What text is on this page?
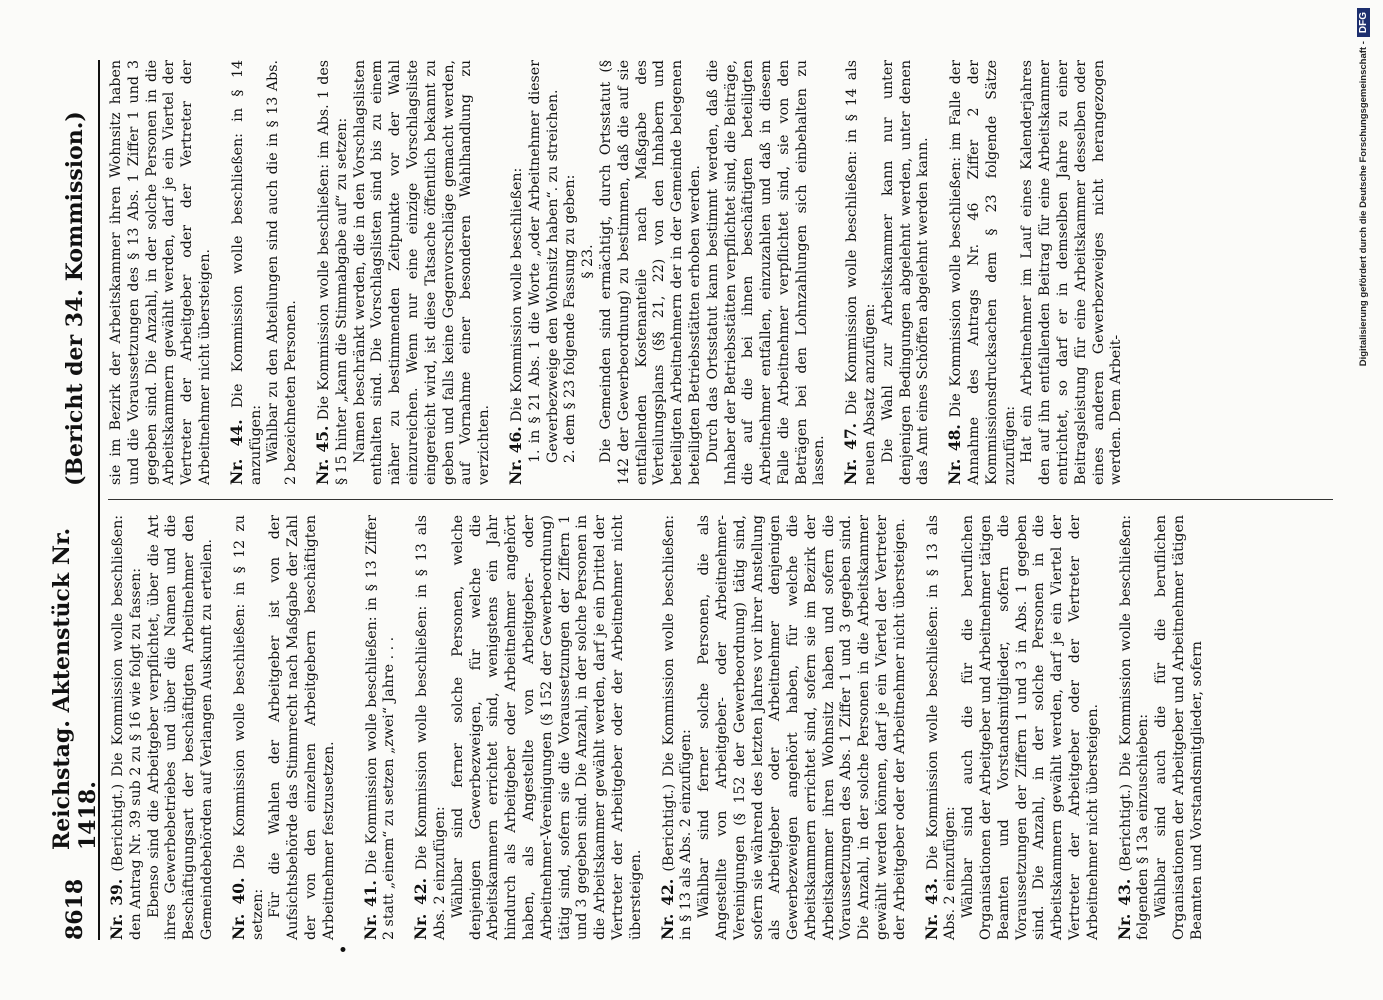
8618
Reichstag. Aktenstück Nr. 1418.
(Bericht der 34. Kommission.)
Nr. 39. (Berichtigt.) Die Kommission wolle beschließen: den Antrag Nr. 39 sub 2 zu § 16 wie folgt zu fassen: Ebenso sind die Arbeitgeber verpflichtet, über die Art ihres Gewerbebetriebes und über die Namen und die Beschäftigungsart der beschäftigten Arbeitnehmer den Gemeindebehörden auf Verlangen Auskunft zu erteilen. Nr. 40. Die Kommission wolle beschließen: in § 12 zu setzen: Für die Wahlen der Arbeitgeber ist von der Aufsichtsbehörde das Stimmrecht nach Maßgabe der Zahl der von den einzelnen Arbeitgebern beschäftigten Arbeitnehmer festzusetzen.
•
Nr. 41. Die Kommission wolle beschließen: in § 13 Ziffer 2 statt „einem“ zu setzen „zwei“ Jahre . . . Nr. 42. Die Kommission wolle beschließen: in § 13 als Abs. 2 einzufügen: Wählbar sind ferner solche Personen, welche denjenigen Gewerbezweigen, für welche die Arbeitskammern errichtet sind, wenigstens ein Jahr hindurch als Arbeitgeber oder Arbeitnehmer angehört haben, als Angestellte von Arbeitgeber- oder Arbeitnehmer-Vereinigungen (§ 152 der Gewerbeordnung) tätig sind, sofern sie die Voraussetzungen der Ziffern 1 und 3 gegeben sind. Die Anzahl, in der solche Personen in die Arbeitskammer gewählt werden, darf je ein Drittel der Vertreter der Arbeitgeber oder der Arbeitnehmer nicht übersteigen. Nr. 42. (Berichtigt.) Die Kommission wolle beschließen: in § 13 als Abs. 2 einzufügen: Wählbar sind ferner solche Personen, die als Angestellte von Arbeitgeber- oder Arbeitnehmer-Vereinigungen (§ 152 der Gewerbeordnung) tätig sind, sofern sie während des letzten Jahres vor ihrer Anstellung als Arbeitgeber oder Arbeitnehmer denjenigen Gewerbezweigen angehört haben, für welche die Arbeitskammern errichtet sind, sofern sie im Bezirk der Arbeitskammer ihren Wohnsitz haben und sofern die Voraussetzungen des Abs. 1 Ziffer 1 und 3 gegeben sind. Die Anzahl, in der solche Personen in die Arbeitskammer gewählt werden können, darf je ein Viertel der Vertreter der Arbeitgeber oder der Arbeitnehmer nicht übersteigen. Nr. 43. Die Kommission wolle beschließen: in § 13 als Abs. 2 einzufügen: Wählbar sind auch die für die beruflichen Organisationen der Arbeitgeber und Arbeitnehmer tätigen Beamten und Vorstandsmitglieder, sofern die Voraussetzungen der Ziffern 1 und 3 in Abs. 1 gegeben sind. Die Anzahl, in der solche Personen in die Arbeitskammern gewählt werden, darf je ein Viertel der Vertreter der Arbeitgeber oder der Vertreter der Arbeitnehmer nicht übersteigen. Nr. 43. (Berichtigt.) Die Kommission wolle beschließen: folgenden § 13a einzuschieben: Wählbar sind auch die für die beruflichen Organisationen der Arbeitgeber und Arbeitnehmer tätigen Beamten und Vorstandsmitglieder, sofern
sie im Bezirk der Arbeitskammer ihren Wohnsitz haben und die Voraussetzungen des § 13 Abs. 1 Ziffer 1 und 3 gegeben sind. Die Anzahl, in der solche Personen in die Arbeitskammern gewählt werden, darf je ein Viertel der Vertreter der Arbeitgeber oder der Vertreter der Arbeitnehmer nicht übersteigen. Nr. 44. Die Kommission wolle beschließen: in § 14 anzufügen: Wählbar zu den Abteilungen sind auch die in § 13 Abs. 2 bezeichneten Personen. Nr. 45. Die Kommission wolle beschließen: im Abs. 1 des § 15 hinter „kann die Stimmabgabe auf“ zu setzen: Namen beschränkt werden, die in den Vorschlagslisten enthalten sind. Die Vorschlagslisten sind bis zu einem näher zu bestimmenden Zeitpunkte vor der Wahl einzureichen. Wenn nur eine einzige Vorschlagsliste eingereicht wird, ist diese Tatsache öffentlich bekannt zu geben und falls keine Gegenvorschläge gemacht werden, auf Vornahme einer besonderen Wahlhandlung zu verzichten. Nr. 46. Die Kommission wolle beschließen: 1. in § 21 Abs. 1 die Worte „oder Arbeitnehmer dieser Gewerbezweige den Wohnsitz haben“. zu streichen. 2. dem § 23 folgende Fassung zu geben: § 23. Die Gemeinden sind ermächtigt, durch Ortsstatut (§ 142 der Gewerbeordnung) zu bestimmen, daß die auf sie entfallenden Kostenanteile nach Maßgabe des Verteilungsplans (§§ 21, 22) von den Inhabern und beteiligten Arbeitnehmern der in der Gemeinde belegenen beteiligten Betriebsstätten erhoben werden. Durch das Ortsstatut kann bestimmt werden, daß die Inhaber der Betriebsstätten verpflichtet sind, die Beiträge, die auf die bei ihnen beschäftigten beteiligten Arbeitnehmer entfallen, einzuzahlen und daß in diesem Falle die Arbeitnehmer verpflichtet sind, sie von den Beträgen bei den Lohnzahlungen sich einbehalten zu lassen. Nr. 47. Die Kommission wolle beschließen: in § 14 als neuen Absatz anzufügen: Die Wahl zur Arbeitskammer kann nur unter denjenigen Bedingungen abgelehnt werden, unter denen das Amt eines Schöffen abgelehnt werden kann. Nr. 48. Die Kommission wolle beschließen: im Falle der Annahme des Antrags Nr. 46 Ziffer 2 der Kommissionsdrucksachen dem § 23 folgende Sätze zuzufügen: Hat ein Arbeitnehmer im Lauf eines Kalenderjahres den auf ihn entfallenden Beitrag für eine Arbeitskammer entrichtet, so darf er in demselben Jahre zu einer Beitragsleistung für eine Arbeitskammer desselben oder eines anderen Gewerbezweiges nicht herangezogen werden. Dem Arbeit-
Digitalisierung gefördert durch die Deutsche Forschungsgemeinschaft -DFG
